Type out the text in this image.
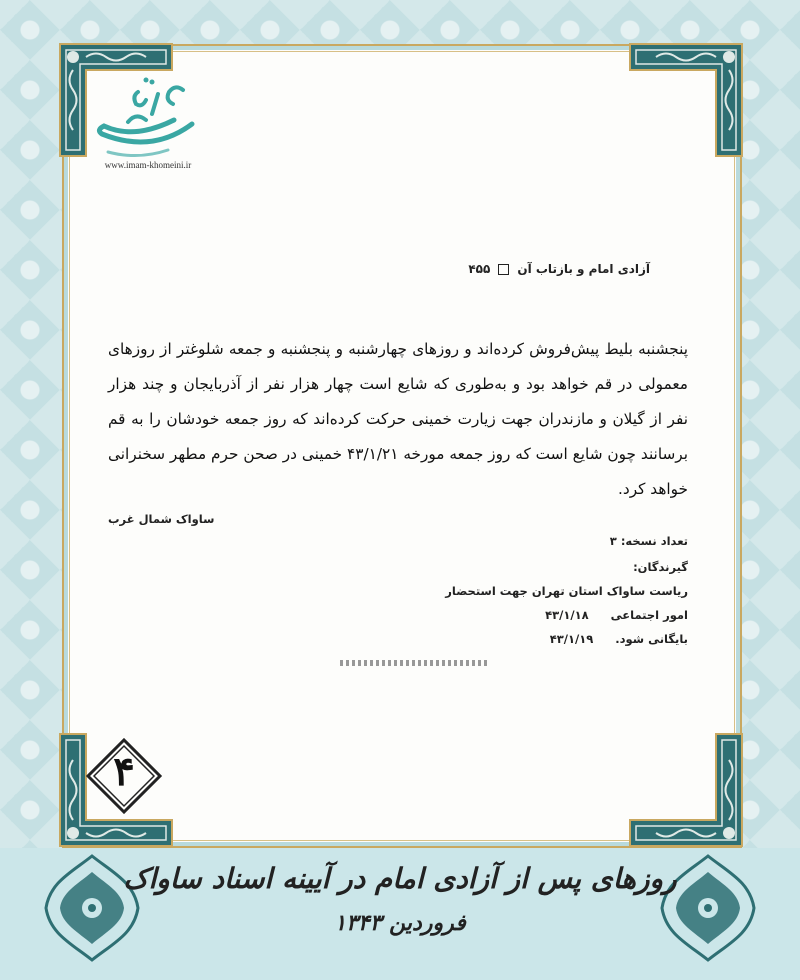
www.imam-khomeini.ir
آزادی امام و بازتاب آن
۴۵۵

پنجشنبه بلیط پیش‌فروش کرده‌اند و روزهای چهارشنبه و پنجشنبه و جمعه شلوغتر از روزهای معمولی در قم خواهد بود و به‌طوری که شایع است چهار هزار نفر از آذربایجان و چند هزار نفر از گیلان و مازندران جهت زیارت خمینی حرکت کرده‌اند که روز جمعه خودشان را به قم برسانند چون شایع است که روز جمعه مورخه ۴۳/۱/۲۱ خمینی در صحن حرم مطهر سخنرانی خواهد کرد.

ساواک شمال غرب
تعداد نسخه: ۳
گیرندگان:
ریاست ساواک استان تهران جهت استحضار
امور اجتماعی ۴۳/۱/۱۸
بایگانی شود. ۴۳/۱/۱۹
۴
روزهای پس از آزادی امام در آیینه اسناد ساواک
فروردین ۱۳۴۳
